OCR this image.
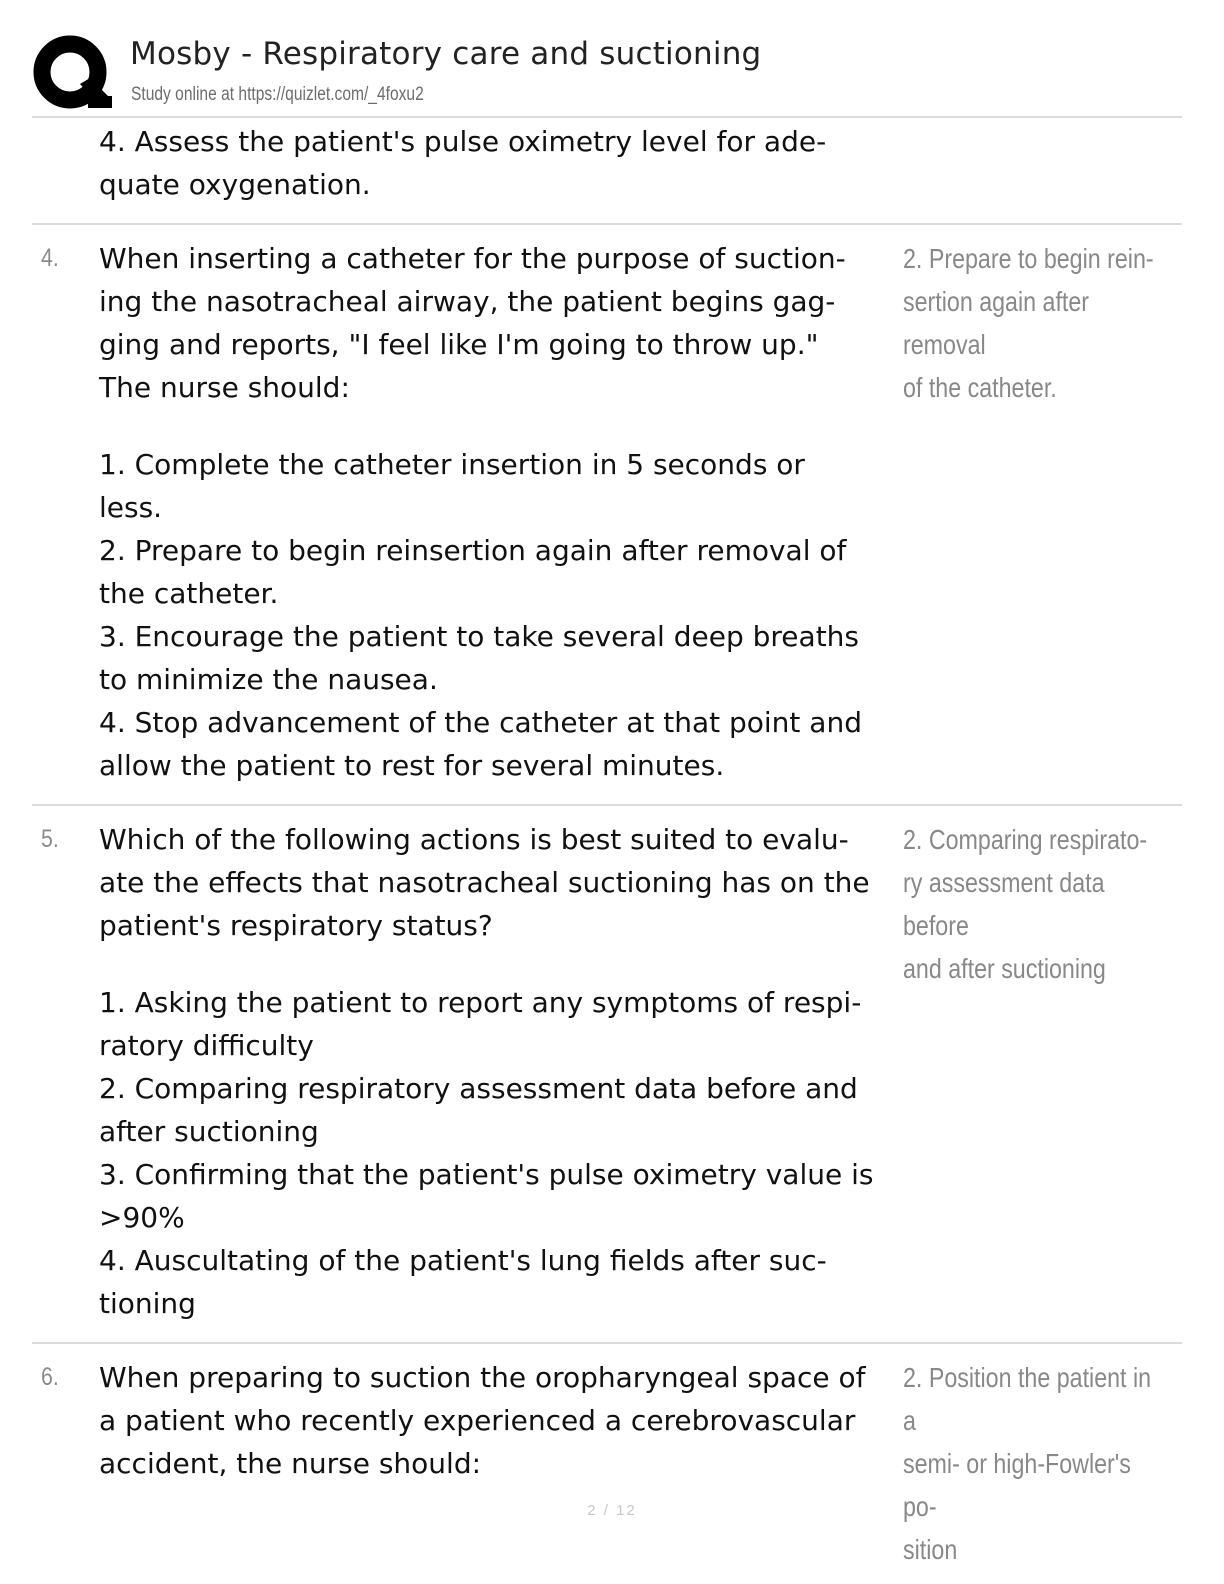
Mosby - Respiratory care and suctioning
Study online at https://quizlet.com/_4foxu2

4. Assess the patient's pulse oximetry level for ade-
quate oxygenation.

4. When inserting a catheter for the purpose of suction-
ing the nasotracheal airway, the patient begins gag-
ging and reports, "I feel like I'm going to throw up."
The nurse should:

1. Complete the catheter insertion in 5 seconds or
less.
2. Prepare to begin reinsertion again after removal of
the catheter.
3. Encourage the patient to take several deep breaths
to minimize the nausea.
4. Stop advancement of the catheter at that point and
allow the patient to rest for several minutes.

2. Prepare to begin rein-
sertion again after removal
of the catheter.
5. Which of the following actions is best suited to evalu-
ate the effects that nasotracheal suctioning has on the
patient's respiratory status?

1. Asking the patient to report any symptoms of respi-
ratory difficulty
2. Comparing respiratory assessment data before and
after suctioning
3. Confirming that the patient's pulse oximetry value is
>90%
4. Auscultating of the patient's lung fields after suc-
tioning

2. Comparing respirato-
ry assessment data before
and after suctioning
6. When preparing to suction the oropharyngeal space of
a patient who recently experienced a cerebrovascular
accident, the nurse should:

2. Position the patient in a
semi- or high-Fowler's po-
sition
2 / 12
